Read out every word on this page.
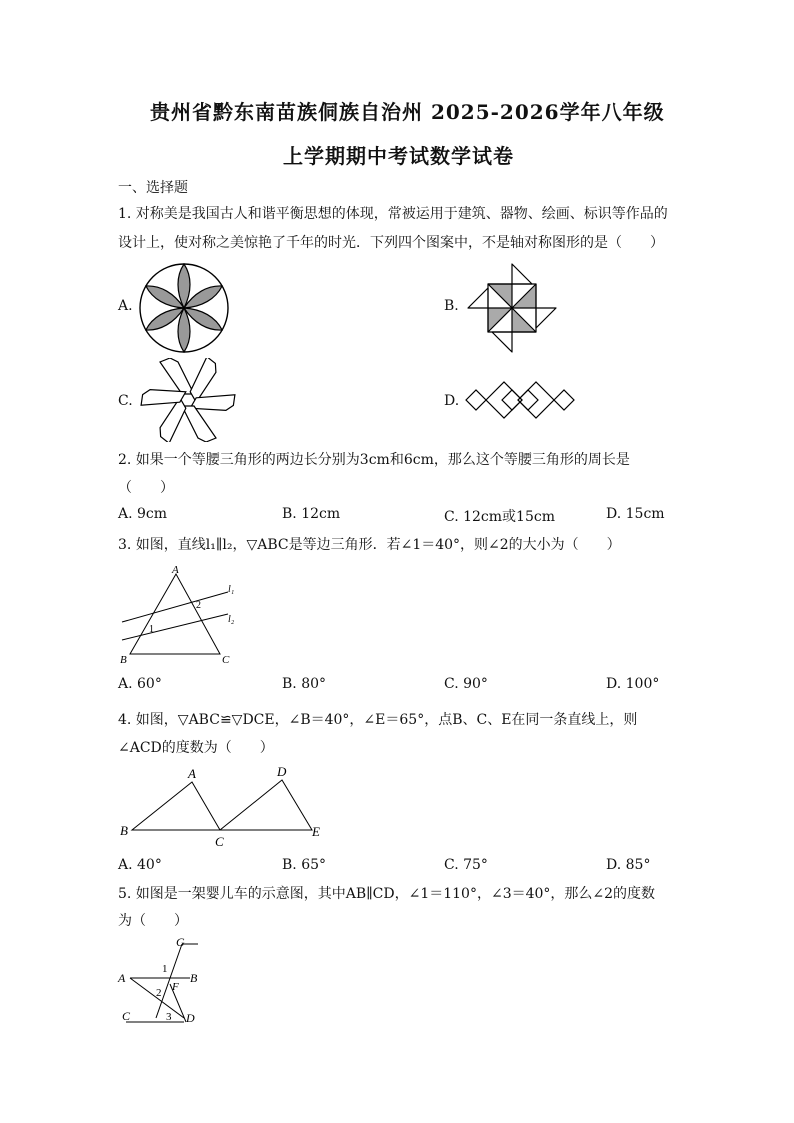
贵州省黔东南苗族侗族自治州 2025-2026学年八年级
上学期期中考试数学试卷
一、选择题
1. 对称美是我国古人和谐平衡思想的体现，常被运用于建筑、器物、绘画、标识等作品的
设计上，使对称之美惊艳了千年的时光．下列四个图案中，不是轴对称图形的是（　　）
A.	B.
C.	D.
2. 如果一个等腰三角形的两边长分别为3cm和6cm，那么这个等腰三角形的周长是
（　　）
A. 9cm	B. 12cm	C. 12cm或15cm	D. 15cm
3. 如图，直线l₁∥l₂，▽ABC是等边三角形．若∠1＝40°，则∠2的大小为（　　）
A
B	C
l₁
l₂
1
2
A. 60°	B. 80°	C. 90°	D. 100°
4. 如图，▽ABC≌▽DCE，∠B＝40°，∠E＝65°，点B、C、E在同一条直线上，则
∠ACD的度数为（　　）
A
B
C
D
E
A. 40°	B. 65°	C. 75°	D. 85°
5. 如图是一架婴儿车的示意图，其中AB∥CD，∠1＝110°，∠3＝40°，那么∠2的度数
为（　　）
G
A	B
C	D
F
1
2
3
